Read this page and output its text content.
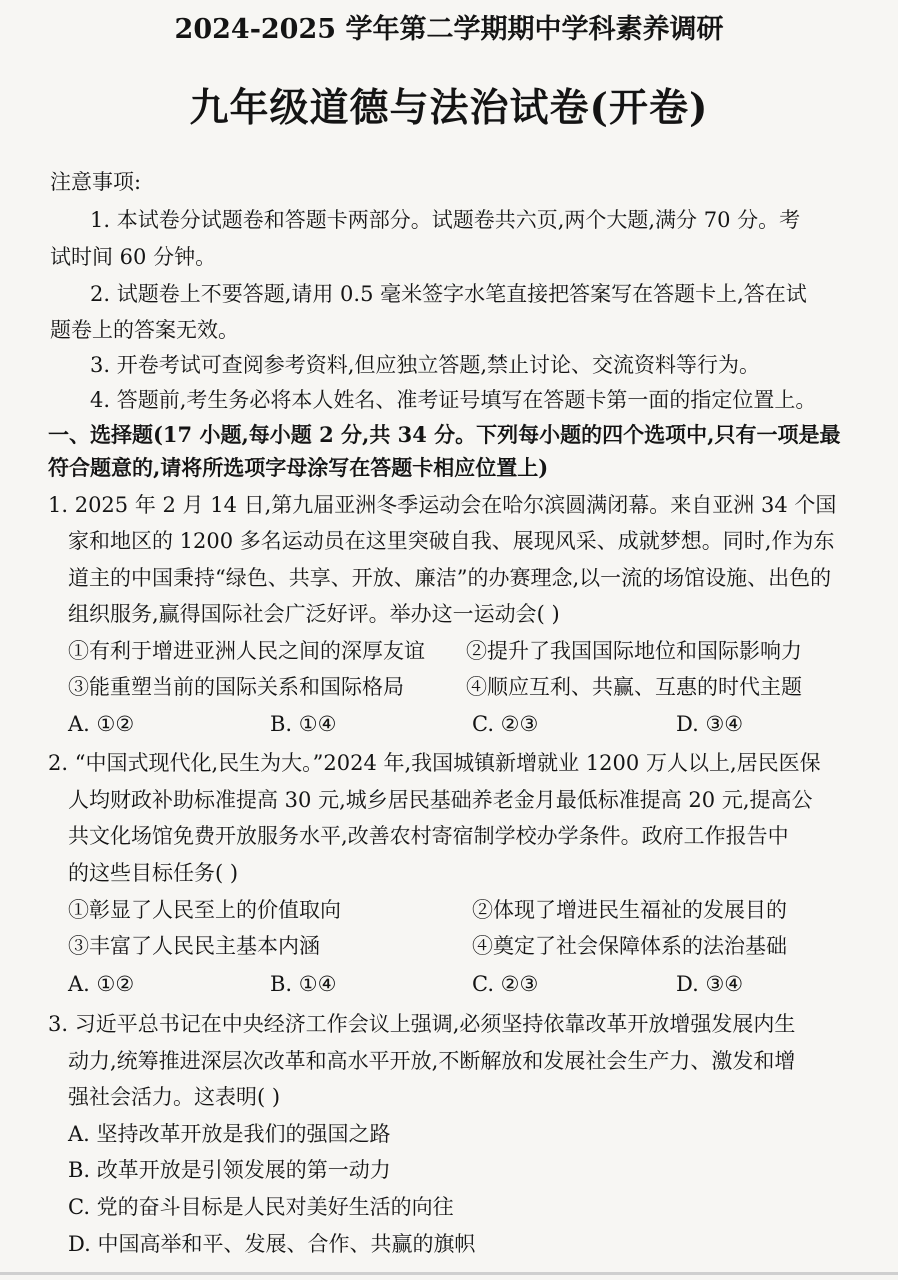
2024-2025 学年第二学期期中学科素养调研
九年级道德与法治试卷(开卷)
注意事项:
1. 本试卷分试题卷和答题卡两部分。试题卷共六页,两个大题,满分 70 分。考
试时间 60 分钟。
2. 试题卷上不要答题,请用 0.5 毫米签字水笔直接把答案写在答题卡上,答在试
题卷上的答案无效。
3. 开卷考试可查阅参考资料,但应独立答题,禁止讨论、交流资料等行为。
4. 答题前,考生务必将本人姓名、准考证号填写在答题卡第一面的指定位置上。
一、选择题(17 小题,每小题 2 分,共 34 分。下列每小题的四个选项中,只有一项是最
符合题意的,请将所选项字母涂写在答题卡相应位置上)
1. 2025 年 2 月 14 日,第九届亚洲冬季运动会在哈尔滨圆满闭幕。来自亚洲 34 个国
家和地区的 1200 多名运动员在这里突破自我、展现风采、成就梦想。同时,作为东
道主的中国秉持“绿色、共享、开放、廉洁”的办赛理念,以一流的场馆设施、出色的
组织服务,赢得国际社会广泛好评。举办这一运动会( )
①有利于增进亚洲人民之间的深厚友谊 ②提升了我国国际地位和国际影响力
③能重塑当前的国际关系和国际格局	④顺应互利、共赢、互惠的时代主题
A. ①②	B. ①④	C. ②③	D. ③④
2. “中国式现代化,民生为大。”2024 年,我国城镇新增就业 1200 万人以上,居民医保
人均财政补助标准提高 30 元,城乡居民基础养老金月最低标准提高 20 元,提高公
共文化场馆免费开放服务水平,改善农村寄宿制学校办学条件。政府工作报告中
的这些目标任务( )
①彰显了人民至上的价值取向	②体现了增进民生福祉的发展目的
③丰富了人民民主基本内涵	④奠定了社会保障体系的法治基础
A. ①②	B. ①④	C. ②③	D. ③④
3. 习近平总书记在中央经济工作会议上强调,必须坚持依靠改革开放增强发展内生
动力,统筹推进深层次改革和高水平开放,不断解放和发展社会生产力、激发和增
强社会活力。这表明( )
A. 坚持改革开放是我们的强国之路
B. 改革开放是引领发展的第一动力
C. 党的奋斗目标是人民对美好生活的向往
D. 中国高举和平、发展、合作、共赢的旗帜
